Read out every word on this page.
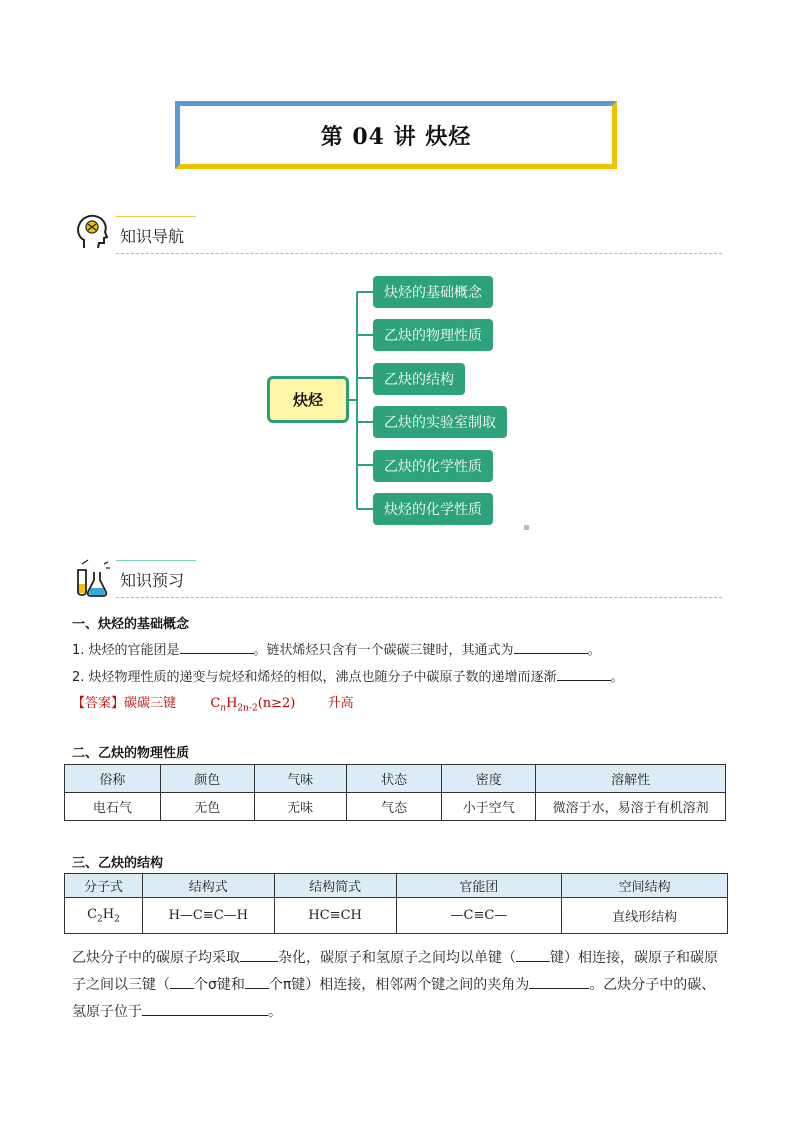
第 04 讲 炔烃
知识导航
炔烃
炔烃的基础概念
乙炔的物理性质
乙炔的结构
乙炔的实验室制取
乙炔的化学性质
炔烃的化学性质
知识预习
一、炔烃的基础概念
1. 炔烃的官能团是	。链状烯烃只含有一个碳碳三键时，其通式为	。
2. 炔烃物理性质的递变与烷烃和烯烃的相似，沸点也随分子中碳原子数的递增而逐渐	。
【答案】碳碳三键	$C_nH_{2n-2}(n\ge 2)$ 升高
二、乙炔的物理性质
俗称	颜色	气味	状态	密度	溶解性
电石气	无色	无味	气态	小于空气	微溶于水，易溶于有机溶剂
三、乙炔的结构
分子式	结构式	结构简式	官能团	空间结构
$C_2H_2$	H—C≡C—H	HC≡CH	—C≡C—	直线形结构
乙炔分子中的碳原子均采取	杂化，碳原子和氢原子之间均以单键（ 键）相连接，碳原子和碳原
子之间以三键（ 个σ键和 个π键）相连接，相邻两个键之间的夹角为	。乙炔分子中的碳、
氢原子位于	。
